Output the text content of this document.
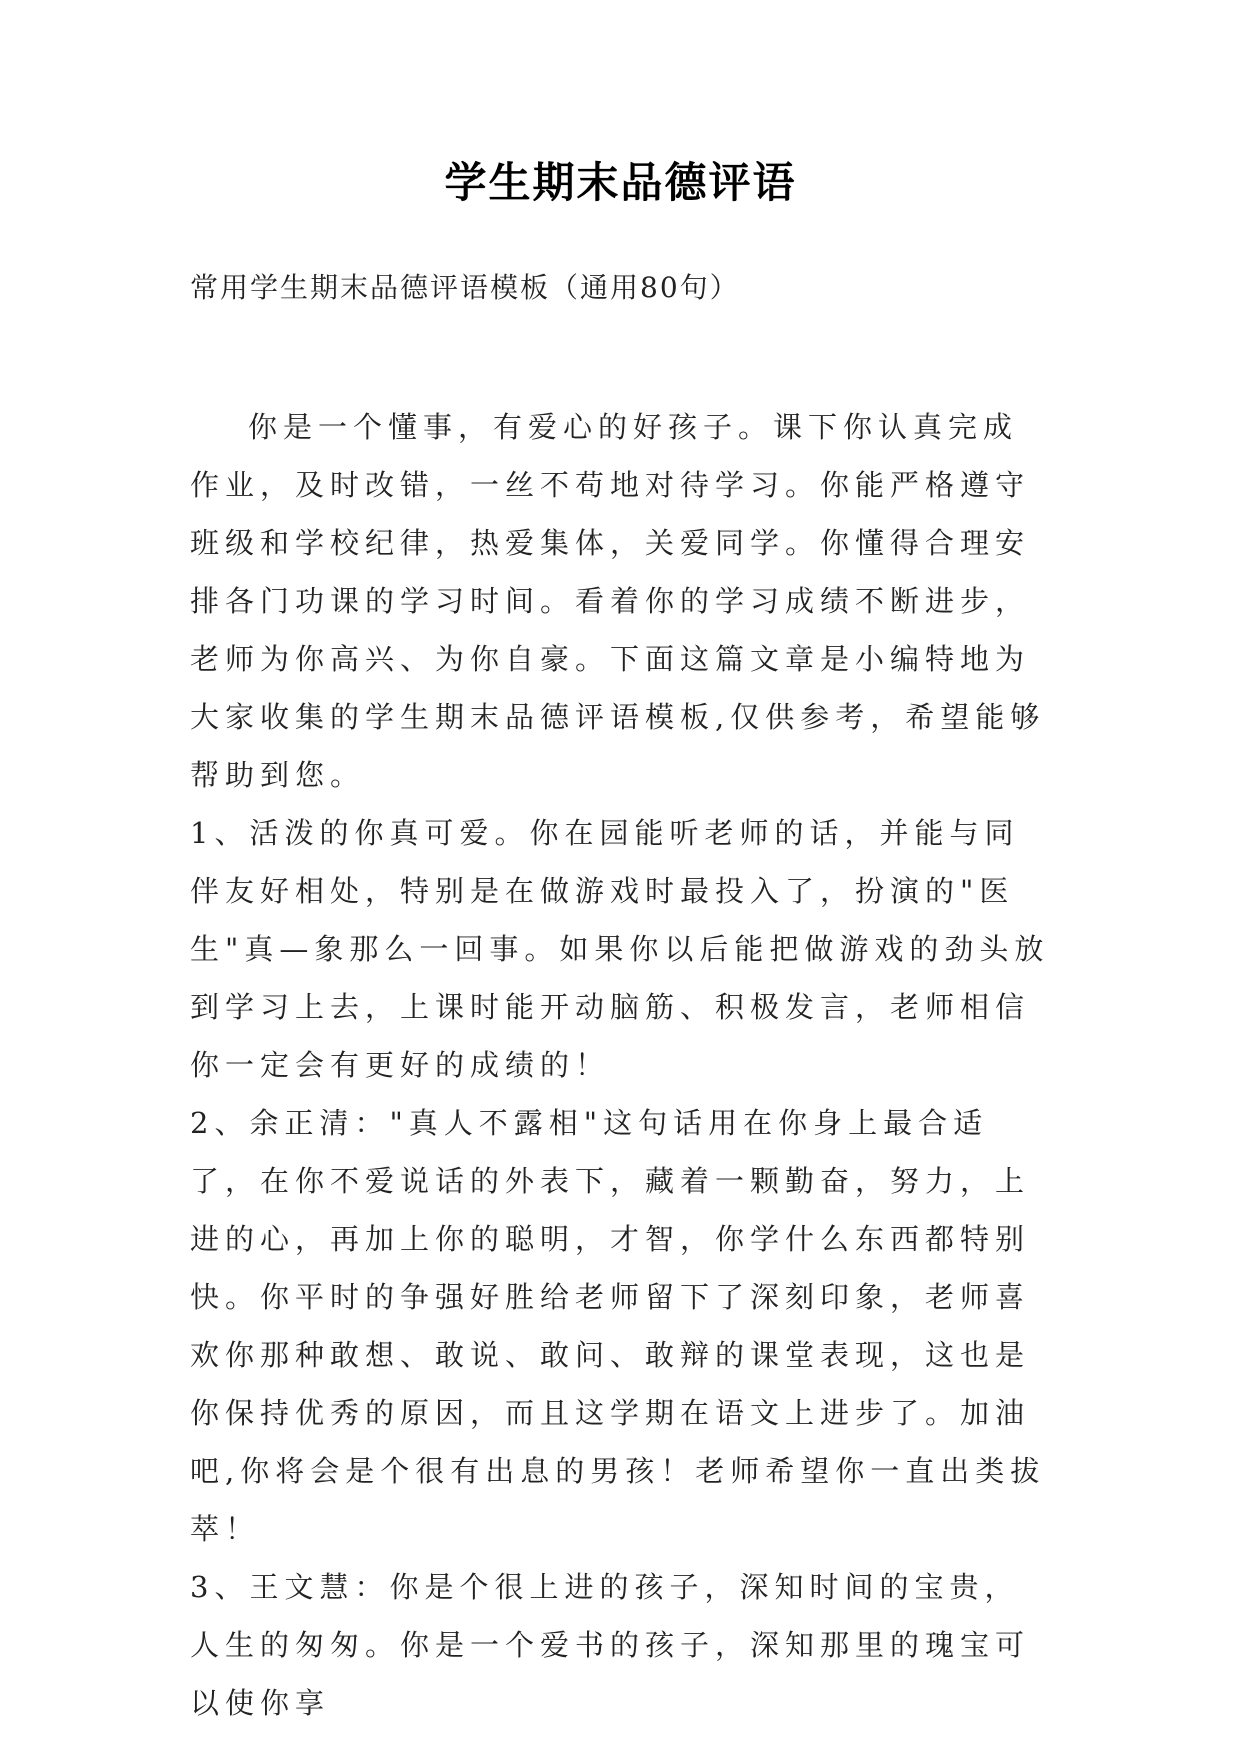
学生期末品德评语

常用学生期末品德评语模板（通用80句）

你是一个懂事，有爱心的好孩子。课下你认真完成作业，及时改错，一丝不苟地对待学习。你能严格遵守班级和学校纪律，热爱集体，关爱同学。你懂得合理安排各门功课的学习时间。看着你的学习成绩不断进步，老师为你高兴、为你自豪。下面这篇文章是小编特地为大家收集的学生期末品德评语模板,仅供参考，希望能够帮助到您。

1、活泼的你真可爱。你在园能听老师的话，并能与同伴友好相处，特别是在做游戏时最投入了，扮演的"医生"真—象那么一回事。如果你以后能把做游戏的劲头放到学习上去，上课时能开动脑筋、积极发言，老师相信你一定会有更好的成绩的！

2、余正清："真人不露相"这句话用在你身上最合适了，在你不爱说话的外表下，藏着一颗勤奋，努力，上进的心，再加上你的聪明，才智，你学什么东西都特别快。你平时的争强好胜给老师留下了深刻印象，老师喜欢你那种敢想、敢说、敢问、敢辩的课堂表现，这也是你保持优秀的原因，而且这学期在语文上进步了。加油吧,你将会是个很有出息的男孩！老师希望你一直出类拔萃！

3、王文慧：你是个很上进的孩子，深知时间的宝贵，人生的匆匆。你是一个爱书的孩子，深知那里的瑰宝可以使你享
